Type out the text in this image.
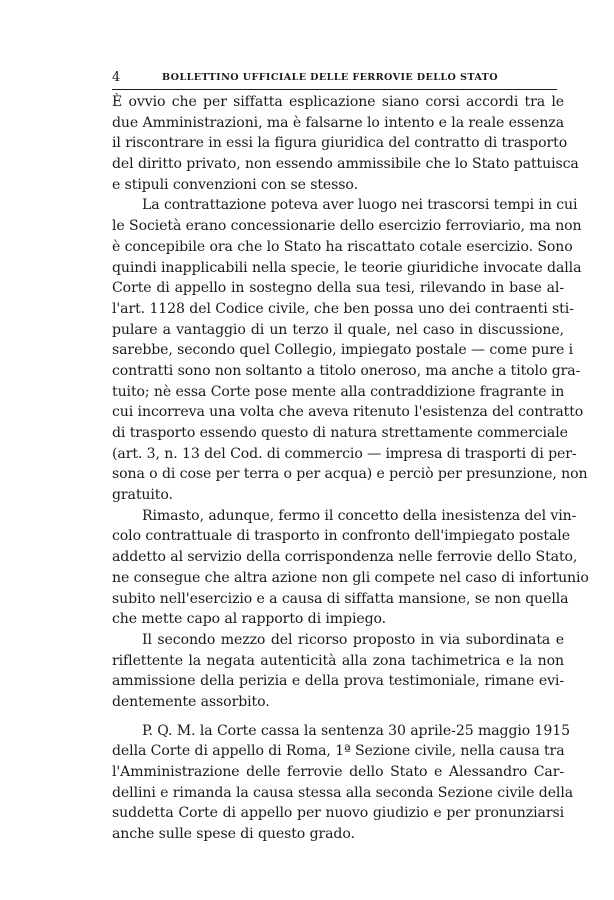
4	BOLLETTINO UFFICIALE DELLE FERROVIE DELLO STATO
È ovvio che per siffatta esplicazione siano corsi accordi tra le
due Amministrazioni, ma è falsarne lo intento e la reale essenza
il riscontrare in essi la figura giuridica del contratto di trasporto
del diritto privato, non essendo ammissibile che lo Stato pattuisca
e stipuli convenzioni con se stesso.
La contrattazione poteva aver luogo nei trascorsi tempi in cui
le Società erano concessionarie dello esercizio ferroviario, ma non
è concepibile ora che lo Stato ha riscattato cotale esercizio. Sono
quindi inapplicabili nella specie, le teorie giuridiche invocate dalla
Corte di appello in sostegno della sua tesi, rilevando in base al-
l'art. 1128 del Codice civile, che ben possa uno dei contraenti sti-
pulare a vantaggio di un terzo il quale, nel caso in discussione,
sarebbe, secondo quel Collegio, impiegato postale — come pure i
contratti sono non soltanto a titolo oneroso, ma anche a titolo gra-
tuito; nè essa Corte pose mente alla contraddizione fragrante in
cui incorreva una volta che aveva ritenuto l'esistenza del contratto
di trasporto essendo questo di natura strettamente commerciale
(art. 3, n. 13 del Cod. di commercio — impresa di trasporti di per-
sona o di cose per terra o per acqua) e perciò per presunzione, non
gratuito.
Rimasto, adunque, fermo il concetto della inesistenza del vin-
colo contrattuale di trasporto in confronto dell'impiegato postale
addetto al servizio della corrispondenza nelle ferrovie dello Stato,
ne consegue che altra azione non gli compete nel caso di infortunio
subito nell'esercizio e a causa di siffatta mansione, se non quella
che mette capo al rapporto di impiego.
Il secondo mezzo del ricorso proposto in via subordinata e
riflettente la negata autenticità alla zona tachimetrica e la non
ammissione della perizia e della prova testimoniale, rimane evi-
dentemente assorbito.
P. Q. M. la Corte cassa la sentenza 30 aprile-25 maggio 1915
della Corte di appello di Roma, 1ª Sezione civile, nella causa tra
l'Amministrazione delle ferrovie dello Stato e Alessandro Car-
dellini e rimanda la causa stessa alla seconda Sezione civile della
suddetta Corte di appello per nuovo giudizio e per pronunziarsi
anche sulle spese di questo grado.
